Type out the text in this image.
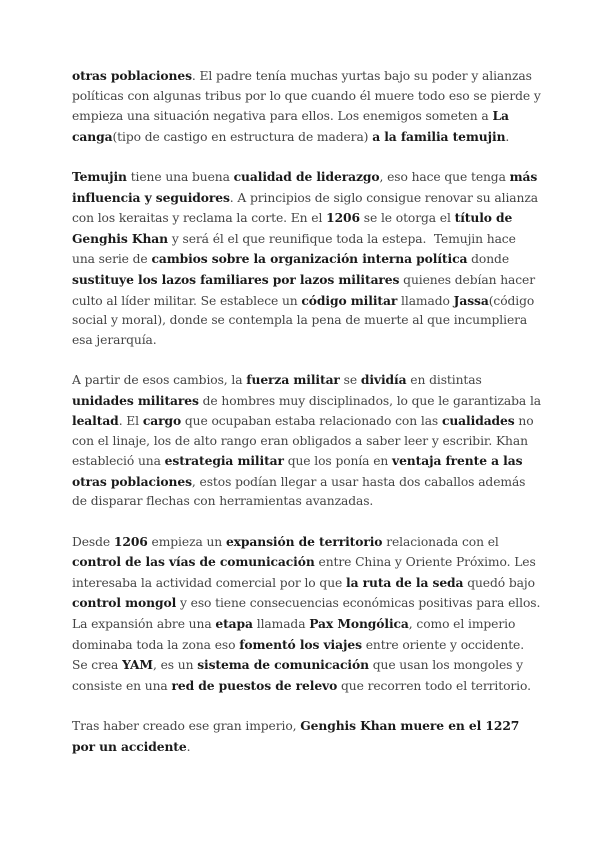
otras poblaciones. El padre tenía muchas yurtas bajo su poder y alianzas políticas con algunas tribus por lo que cuando él muere todo eso se pierde y empieza una situación negativa para ellos. Los enemigos someten a La canga(tipo de castigo en estructura de madera) a la familia temujin.

Temujin tiene una buena cualidad de liderazgo, eso hace que tenga más influencia y seguidores. A principios de siglo consigue renovar su alianza con los keraitas y reclama la corte. En el 1206 se le otorga el título de Genghis Khan y será él el que reunifique toda la estepa.  Temujin hace una serie de cambios sobre la organización interna política donde sustituye los lazos familiares por lazos militares quienes debían hacer culto al líder militar. Se establece un código militar llamado Jassa(código social y moral), donde se contempla la pena de muerte al que incumpliera esa jerarquía.

A partir de esos cambios, la fuerza militar se dividía en distintas unidades militares de hombres muy disciplinados, lo que le garantizaba la lealtad. El cargo que ocupaban estaba relacionado con las cualidades no con el linaje, los de alto rango eran obligados a saber leer y escribir. Khan estableció una estrategia militar que los ponía en ventaja frente a las otras poblaciones, estos podían llegar a usar hasta dos caballos además de disparar flechas con herramientas avanzadas.

Desde 1206 empieza un expansión de territorio relacionada con el control de las vías de comunicación entre China y Oriente Próximo. Les interesaba la actividad comercial por lo que la ruta de la seda quedó bajo control mongol y eso tiene consecuencias económicas positivas para ellos. La expansión abre una etapa llamada Pax Mongólica, como el imperio dominaba toda la zona eso fomentó los viajes entre oriente y occidente.
Se crea YAM, es un sistema de comunicación que usan los mongoles y consiste en una red de puestos de relevo que recorren todo el territorio.

Tras haber creado ese gran imperio, Genghis Khan muere en el 1227 por un accidente.
